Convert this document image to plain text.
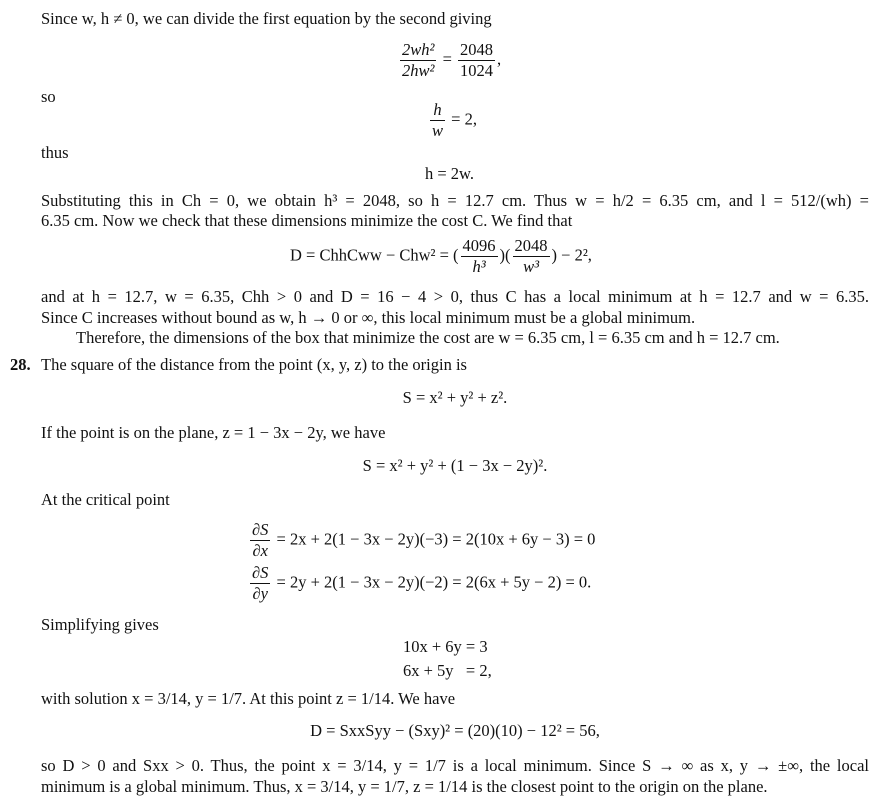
Since w, h ≠ 0, we can divide the first equation by the second giving
$\frac{\text{2wh²}}{\text{2hw²}} = \frac{2048}{1024}$ ,
so
$\frac{h}{w} = 2$,
thus
h = 2w.
Substituting this in Ch = 0, we obtain h³ = 2048, so h = 12.7 cm. Thus w = h/2 = 6.35 cm, and l = 512/(wh) =
6.35 cm. Now we check that these dimensions minimize the cost C. We find that
D = ChhCww − Chw² = ( $\frac{4096}{\text{h³}}$ )( $\frac{2048}{\text{w³}}$ ) − 2²,
and at h = 12.7, w = 6.35, Chh > 0 and D = 16 − 4 > 0, thus C has a local minimum at h = 12.7 and w = 6.35.
Since C increases without bound as w, h → 0 or ∞, this local minimum must be a global minimum.
Therefore, the dimensions of the box that minimize the cost are w = 6.35 cm, l = 6.35 cm and h = 12.7 cm.
28. The square of the distance from the point (x, y, z) to the origin is
S = x² + y² + z².
If the point is on the plane, z = 1 − 3x − 2y, we have
S = x² + y² + (1 − 3x − 2y)².
At the critical point
$\frac{\partial S}{\partial x} = 2x + 2(1 - 3x - 2y)(-3) = 2(10x + 6y - 3) = 0$
$\frac{\partial S}{\partial y} = 2y + 2(1 - 3x - 2y)(-2) = 2(6x + 5y - 2) = 0$.
Simplifying gives
10x + 6y = 3
6x + 5y   = 2,
with solution x = 3/14, y = 1/7. At this point z = 1/14. We have
D = SxxSyy − (Sxy)² = (20)(10) − 12² = 56,
so D > 0 and Sxx > 0. Thus, the point x = 3/14, y = 1/7 is a local minimum. Since S → ∞ as x, y → ±∞, the local
minimum is a global minimum. Thus, x = 3/14, y = 1/7, z = 1/14 is the closest point to the origin on the plane.
